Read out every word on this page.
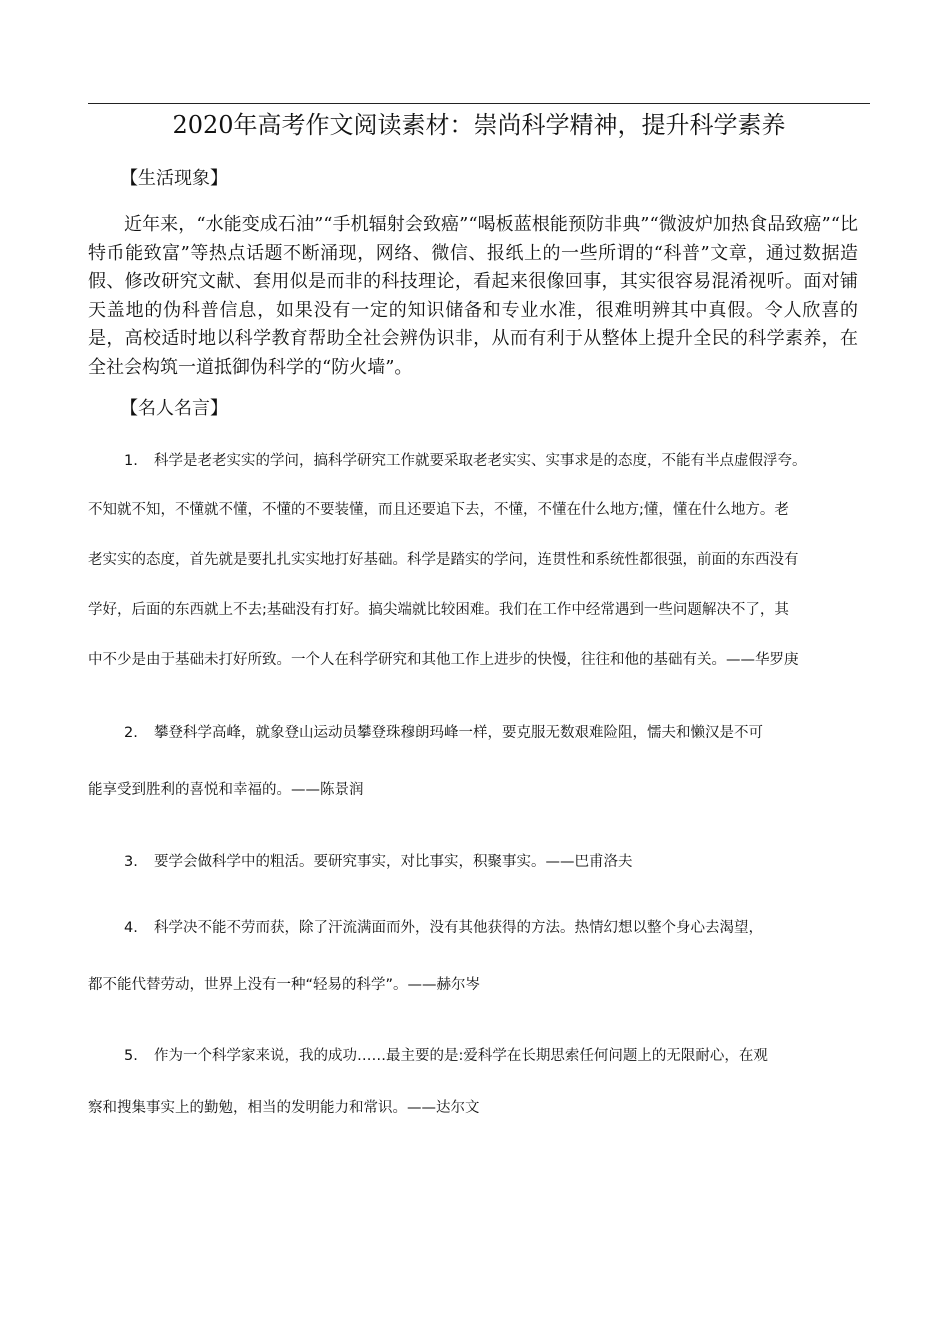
2020年高考作文阅读素材：崇尚科学精神，提升科学素养
【生活现象】
近年来，“水能变成石油”“手机辐射会致癌”“喝板蓝根能预防非典”“微波炉加热食品致癌”“比特币能致富”等热点话题不断涌现，网络、微信、报纸上的一些所谓的“科普”文章，通过数据造假、修改研究文献、套用似是而非的科技理论，看起来很像回事，其实很容易混淆视听。面对铺天盖地的伪科普信息，如果没有一定的知识储备和专业水准，很难明辨其中真假。令人欣喜的是，高校适时地以科学教育帮助全社会辨伪识非，从而有利于从整体上提升全民的科学素养，在全社会构筑一道抵御伪科学的“防火墙”。
【名人名言】
1. 科学是老老实实的学问，搞科学研究工作就要采取老老实实、实事求是的态度，不能有半点虚假浮夸。
不知就不知，不懂就不懂，不懂的不要装懂，而且还要追下去，不懂，不懂在什么地方;懂，懂在什么地方。老
老实实的态度，首先就是要扎扎实实地打好基础。科学是踏实的学问，连贯性和系统性都很强，前面的东西没有
学好，后面的东西就上不去;基础没有打好。搞尖端就比较困难。我们在工作中经常遇到一些问题解决不了，其
中不少是由于基础未打好所致。一个人在科学研究和其他工作上进步的快慢，往往和他的基础有关。——华罗庚
2. 攀登科学高峰，就象登山运动员攀登珠穆朗玛峰一样，要克服无数艰难险阻，懦夫和懒汉是不可
能享受到胜利的喜悦和幸福的。——陈景润
3. 要学会做科学中的粗活。要研究事实，对比事实，积聚事实。——巴甫洛夫
4. 科学决不能不劳而获，除了汗流满面而外，没有其他获得的方法。热情幻想以整个身心去渴望，
都不能代替劳动，世界上没有一种“轻易的科学”。——赫尔岑
5. 作为一个科学家来说，我的成功……最主要的是:爱科学在长期思索任何问题上的无限耐心，在观
察和搜集事实上的勤勉，相当的发明能力和常识。——达尔文
